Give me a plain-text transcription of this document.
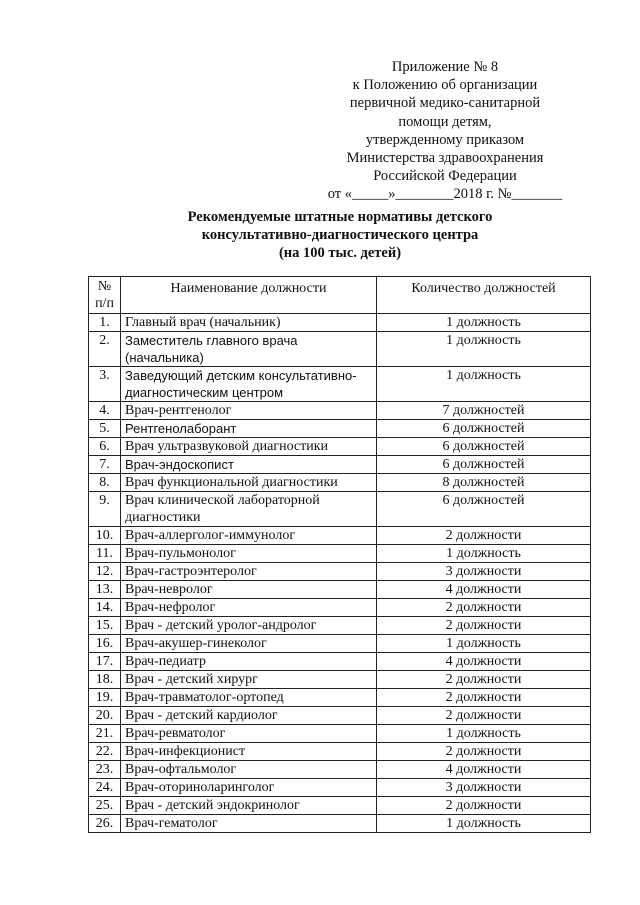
Приложение № 8
к Положению об организации
первичной медико-санитарной
помощи детям,
утвержденному приказом
Министерства здравоохранения
Российской Федерации
от «_____»________2018 г. №_______
Рекомендуемые штатные нормативы детского
консультативно-диагностического центра
(на 100 тыс. детей)
№
п/п	Наименование должности	Количество должностей
1.	Главный врач (начальник)	1 должность
2.	Заместитель главного врача (начальника)	1 должность
3.	Заведующий детским консультативно-диагностическим центром	1 должность
4.	Врач-рентгенолог	7 должностей
5.	Рентгенолаборант	6 должностей
6.	Врач ультразвуковой диагностики	6 должностей
7.	Врач-эндоскопист	6 должностей
8.	Врач функциональной диагностики	8 должностей
9.	Врач клинической лабораторной диагностики	6 должностей
10.	Врач-аллерголог-иммунолог	2 должности
11.	Врач-пульмонолог	1 должность
12.	Врач-гастроэнтеролог	3 должности
13.	Врач-невролог	4 должности
14.	Врач-нефролог	2 должности
15.	Врач - детский уролог-андролог	2 должности
16.	Врач-акушер-гинеколог	1 должность
17.	Врач-педиатр	4 должности
18.	Врач - детский хирург	2 должности
19.	Врач-травматолог-ортопед	2 должности
20.	Врач - детский кардиолог	2 должности
21.	Врач-ревматолог	1 должность
22.	Врач-инфекционист	2 должности
23.	Врач-офтальмолог	4 должности
24.	Врач-оториноларинголог	3 должности
25.	Врач - детский эндокринолог	2 должности
26.	Врач-гематолог	1 должность
